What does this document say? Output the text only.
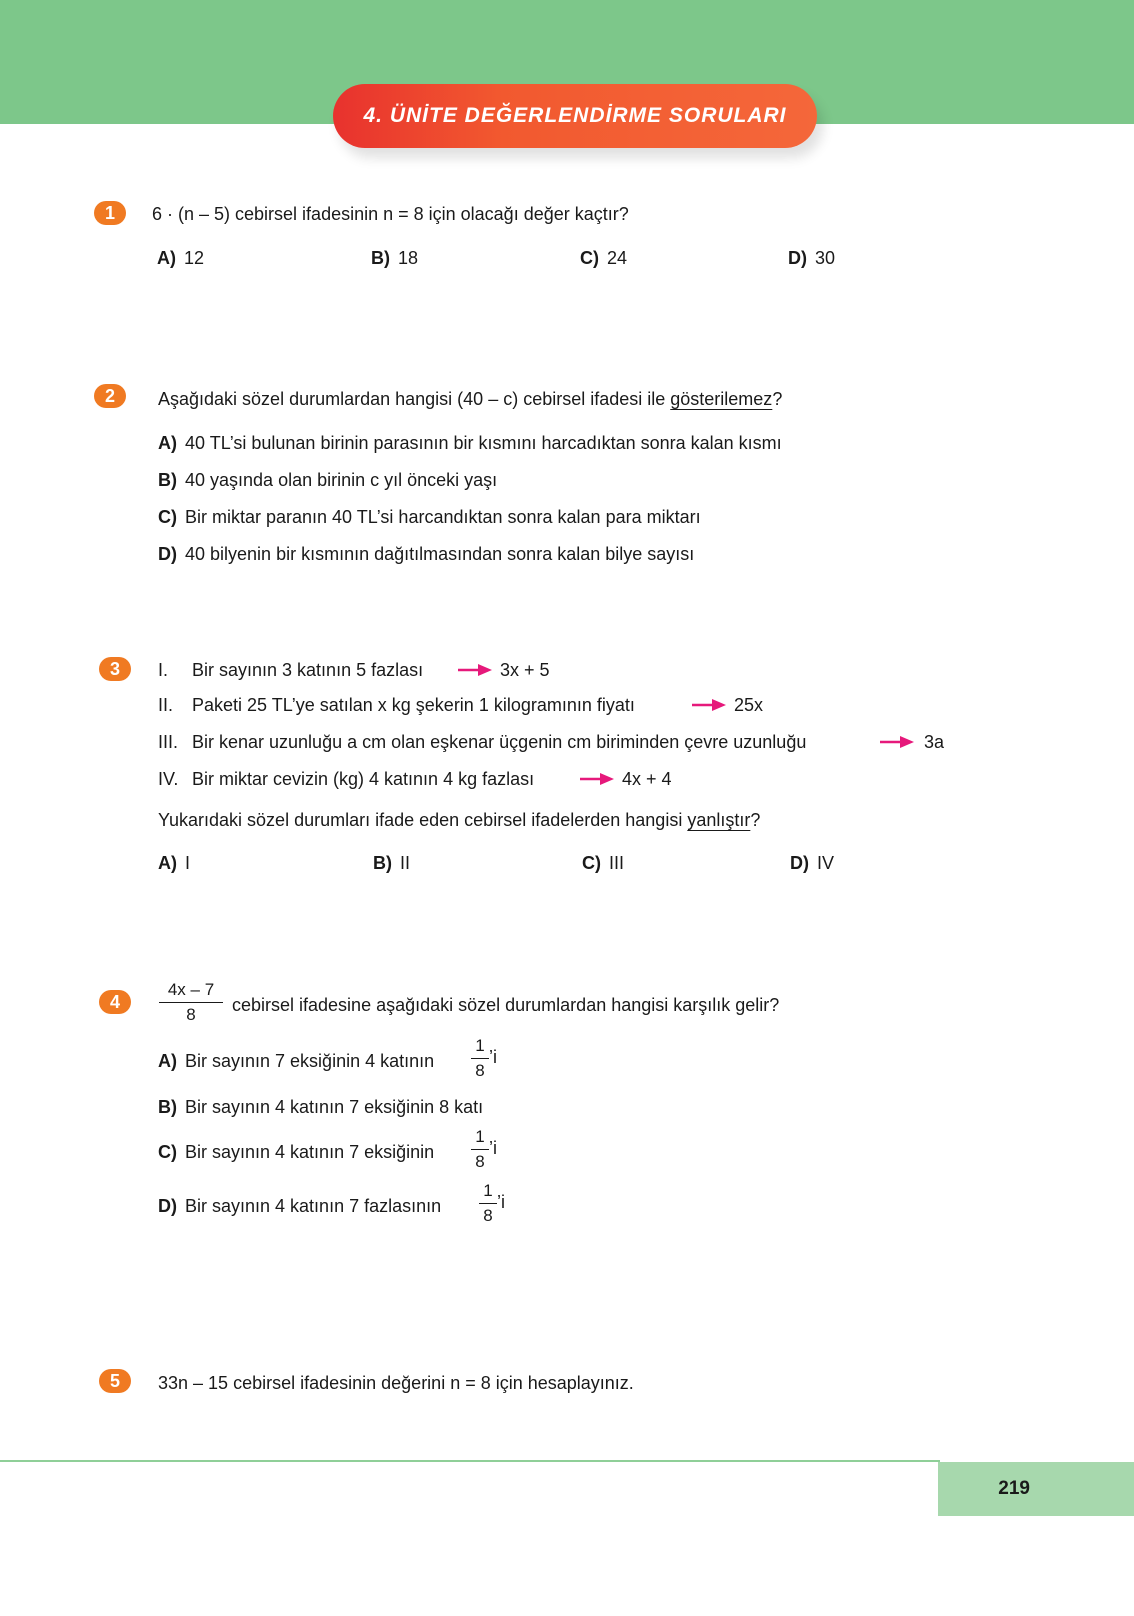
4. ÜNİTE DEĞERLENDİRME SORULARI
1	6 · (n – 5) cebirsel ifadesinin n = 8 için olacağı değer kaçtır?
A) 12	B) 18	C) 24	D) 30
2	Aşağıdaki sözel durumlardan hangisi (40 – c) cebirsel ifadesi ile gösterilemez?
A) 40 TL’si bulunan birinin parasının bir kısmını harcadıktan sonra kalan kısmı
B) 40 yaşında olan birinin c yıl önceki yaşı
C) Bir miktar paranın 40 TL’si harcandıktan sonra kalan para miktarı
D) 40 bilyenin bir kısmının dağıtılmasından sonra kalan bilye sayısı
3	I. Bir sayının 3 katının 5 fazlası	3x + 5
II. Paketi 25 TL’ye satılan x kg şekerin 1 kilogramının fiyatı	25x
III. Bir kenar uzunluğu a cm olan eşkenar üçgenin cm biriminden çevre uzunluğu	3a
IV. Bir miktar cevizin (kg) 4 katının 4 kg fazlası	4x + 4
Yukarıdaki sözel durumları ifade eden cebirsel ifadelerden hangisi yanlıştır?
A) I	B) II	C) III	D) IV
4
4x – 7
8	cebirsel ifadesine aşağıdaki sözel durumlardan hangisi karşılık gelir?
A) Bir sayının 7 eksiğinin 4 katının
1
8
’i
B) Bir sayının 4 katının 7 eksiğinin 8 katı
C) Bir sayının 4 katının 7 eksiğinin
1
8
’i
D) Bir sayının 4 katının 7 fazlasının
1
8
’i
5	33n – 15 cebirsel ifadesinin değerini n = 8 için hesaplayınız.
219
